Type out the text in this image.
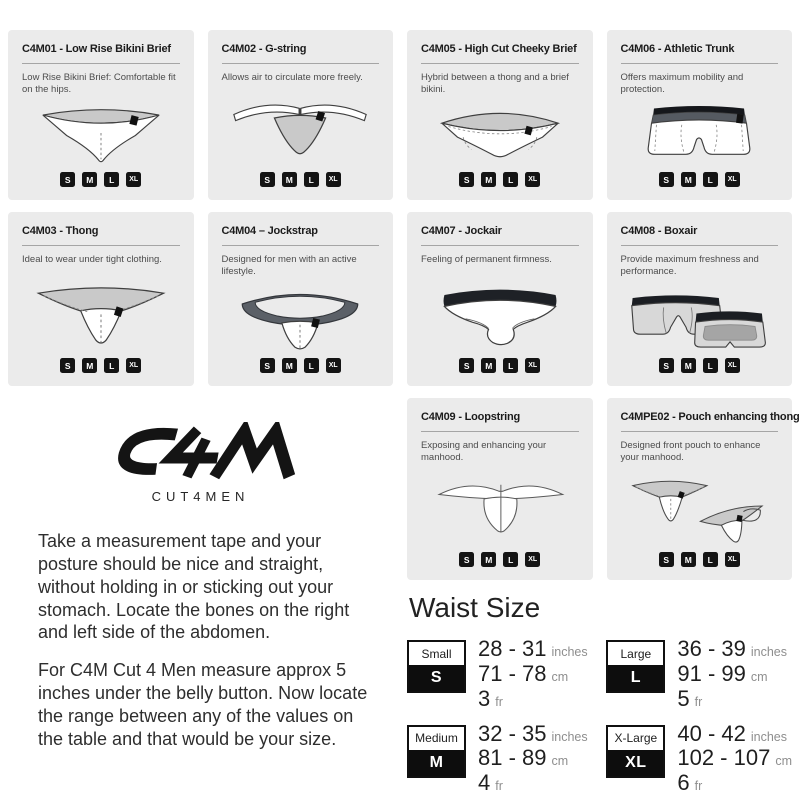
C4M01 - Low Rise Bikini Brief

Low Rise Bikini Brief: Comfortable fit on the hips.

S	M	L	XL
C4M02 - G-string

Allows air to circulate more freely.

S	M	L	XL
C4M05 - High Cut Cheeky Brief

Hybrid between a thong and a brief bikini.

S	M	L	XL
C4M06 - Athletic Trunk

Offers maximum mobility and protection.

S	M	L	XL
C4M03 - Thong

Ideal to wear under tight clothing.

S	M	L	XL
C4M04 – Jockstrap

Designed for men with an active lifestyle.

S	M	L	XL
C4M07 - Jockair

Feeling of permanent firmness.

S	M	L	XL
C4M08 - Boxair

Provide maximum freshness and performance.

S	M	L	XL
CUT4MEN

Take a measurement tape and your posture should be nice and straight, without holding in or sticking out your stomach. Locate the bones on the right and left side of the abdomen.

For C4M Cut 4 Men measure approx 5 inches under the belly button. Now locate the range between any of the values on the table and that would be your size.

C4M09 - Loopstring

Exposing and enhancing your manhood.

S	M	L	XL
C4MPE02 - Pouch enhancing thong

Designed front pouch to enhance your manhood.

S	M	L	XL
Waist Size
Small
S
28 - 31 inches
71 - 78 cm
3 fr
Large
L
36 - 39 inches
91 - 99 cm
5 fr
Medium
M
32 - 35 inches
81 - 89 cm
4 fr
X-Large
XL
40 - 42 inches
102 - 107 cm
6 fr
